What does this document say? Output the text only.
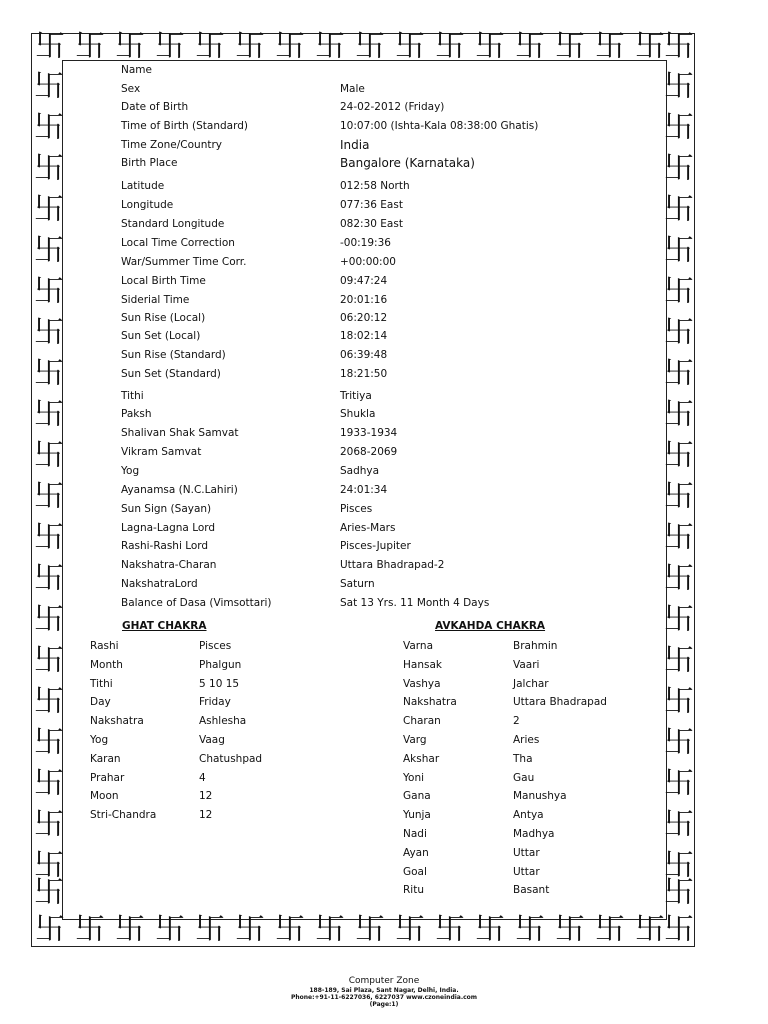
卐
卐
卐
卐
卐
卐
卐
卐
卐
卐
卐
卐
卐
卐
卐
卐
卐
卐
卐
卐
卐
卐
卐
卐
卐
卐
卐
卐
卐
卐
卐
卐
卐
卐
卐	卐
卐	卐
卐	卐
卐	卐
卐	卐
卐	卐
卐	卐
卐	卐
卐	卐
卐	卐
卐	卐
卐	卐
卐	卐
卐	卐
卐	卐
卐	卐
卐	卐
卐	卐
卐	卐
卐	卐
卐	卐
Name
Sex	Male
Date of Birth	24-02-2012 (Friday)
Time of Birth (Standard)	10:07:00 (Ishta-Kala 08:38:00 Ghatis)
Time Zone/Country	India
Birth Place	Bangalore (Karnataka)
Latitude	012:58 North
Longitude	077:36 East
Standard Longitude	082:30 East
Local Time Correction	-00:19:36
War/Summer Time Corr.	+00:00:00
Local Birth Time	09:47:24
Siderial Time	20:01:16
Sun Rise (Local)	06:20:12
Sun Set (Local)	18:02:14
Sun Rise (Standard)	06:39:48
Sun Set (Standard)	18:21:50
Tithi	Tritiya
Paksh	Shukla
Shalivan Shak Samvat	1933-1934
Vikram Samvat	2068-2069
Yog	Sadhya
Ayanamsa (N.C.Lahiri)	24:01:34
Sun Sign (Sayan)	Pisces
Lagna-Lagna Lord	Aries-Mars
Rashi-Rashi Lord	Pisces-Jupiter
Nakshatra-Charan	Uttara Bhadrapad-2
NakshatraLord	Saturn
Balance of Dasa (Vimsottari)	Sat 13 Yrs. 11 Month 4 Days
GHAT CHAKRA
Rashi	Pisces
Month	Phalgun
Tithi	5 10 15
Day	Friday
Nakshatra	Ashlesha
Yog	Vaag
Karan	Chatushpad
Prahar	4
Moon	12
Stri-Chandra	12
AVKAHDA CHAKRA
Varna	Brahmin
Hansak	Vaari
Vashya	Jalchar
Nakshatra	Uttara Bhadrapad
Charan	2
Varg	Aries
Akshar	Tha
Yoni	Gau
Gana	Manushya
Yunja	Antya
Nadi	Madhya
Ayan	Uttar
Goal	Uttar
Ritu	Basant
Computer Zone
188-189, Sai Plaza, Sant Nagar, Delhi, India.
Phone:+91-11-6227036, 6227037 www.czoneindia.com
(Page:1)
